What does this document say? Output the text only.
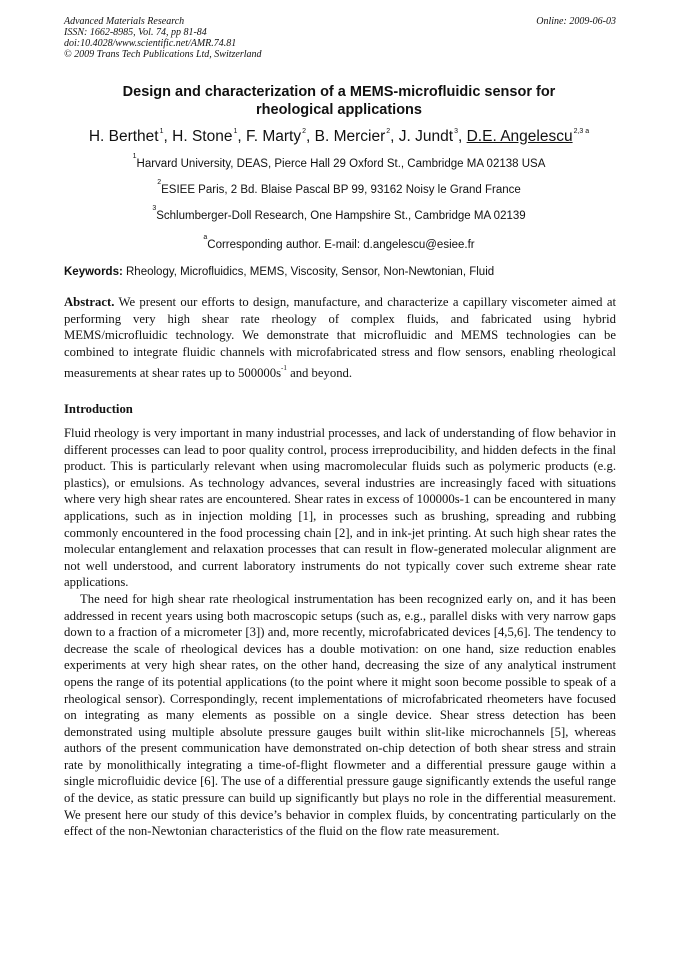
Advanced Materials Research
ISSN: 1662-8985, Vol. 74, pp 81-84
doi:10.4028/www.scientific.net/AMR.74.81
© 2009 Trans Tech Publications Ltd, Switzerland
Online: 2009-06-03
Design and characterization of a MEMS-microfluidic sensor for
rheological applications
H. Berthet$^1$, H. Stone$^1$, F. Marty$^2$, B. Mercier$^2$, J. Jundt$^3$, D.E. Angelescu$^{2,3 a}$
$^1$Harvard University, DEAS, Pierce Hall 29 Oxford St., Cambridge MA 02138 USA
$^2$ESIEE Paris, 2 Bd. Blaise Pascal BP 99, 93162 Noisy le Grand France
$^3$Schlumberger-Doll Research, One Hampshire St., Cambridge MA 02139
$^a$Corresponding author. E-mail: d.angelescu@esiee.fr
Keywords: Rheology, Microfluidics, MEMS, Viscosity, Sensor, Non-Newtonian, Fluid
Abstract. We present our efforts to design, manufacture, and characterize a capillary viscometer aimed at performing very high shear rate rheology of complex fluids, and fabricated using hybrid MEMS/microfluidic technology. We demonstrate that microfluidic and MEMS technologies can be combined to integrate fluidic channels with microfabricated stress and flow sensors, enabling rheological measurements at shear rates up to $500000s^{-1}$ and beyond.
Introduction

Fluid rheology is very important in many industrial processes, and lack of understanding of flow behavior in different processes can lead to poor quality control, process irreproducibility, and hidden defects in the final product. This is particularly relevant when using macromolecular fluids such as polymeric products (e.g. plastics), or emulsions. As technology advances, several industries are increasingly faced with situations where very high shear rates are encountered. Shear rates in excess of 100000s-1 can be encountered in many applications, such as in injection molding [1], in processes such as brushing, spreading and rubbing commonly encountered in the food processing chain [2], and in ink-jet printing. At such high shear rates the molecular entanglement and relaxation processes that can result in flow-generated molecular alignment are not well understood, and current laboratory instruments do not typically cover such extreme shear rate applications.

The need for high shear rate rheological instrumentation has been recognized early on, and it has been addressed in recent years using both macroscopic setups (such as, e.g., parallel disks with very narrow gaps down to a fraction of a micrometer [3]) and, more recently, microfabricated devices [4,5,6]. The tendency to decrease the scale of rheological devices has a double motivation: on one hand, size reduction enables experiments at very high shear rates, on the other hand, decreasing the size of any analytical instrument opens the range of its potential applications (to the point where it might soon become possible to speak of a rheological sensor). Correspondingly, recent implementations of microfabricated rheometers have focused on integrating as many elements as possible on a single device. Shear stress detection has been demonstrated using multiple absolute pressure gauges built within slit-like microchannels [5], whereas authors of the present communication have demonstrated on-chip detection of both shear stress and strain rate by monolithically integrating a time-of-flight flowmeter and a differential pressure gauge within a single microfluidic device [6]. The use of a differential pressure gauge significantly extends the useful range of the device, as static pressure can build up significantly but plays no role in the differential measurement. We present here our study of this device’s behavior in complex fluids, by concentrating particularly on the effect of the non-Newtonian characteristics of the fluid on the flow rate measurement.
